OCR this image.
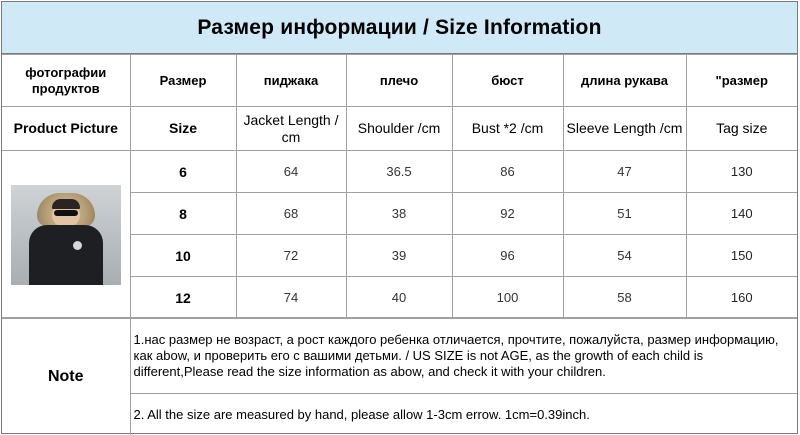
Размер информации / Size Information
фотографии продуктов	Размер	пиджака	плечо	бюст	длина рукава	"размер
Product Picture	Size	Jacket Length / cm	Shoulder /cm	Bust *2 /cm	Sleeve Length /cm	Tag size

	6	64	36.5	86	47	130
	8	68	38	92	51	140
	10	72	39	96	54	150
	12	74	40	100	58	160
Note	1.нас размер не возраст, а рост каждого ребенка отличается, прочтите, пожалуйста, размер информацию, как abow, и проверить его с вашими детьми. / US SIZE is not AGE, as the growth of each child is different,Please read the size information as abow, and check it with your children.
2. All the size are measured by hand, please allow 1-3cm errow. 1cm=0.39inch.
